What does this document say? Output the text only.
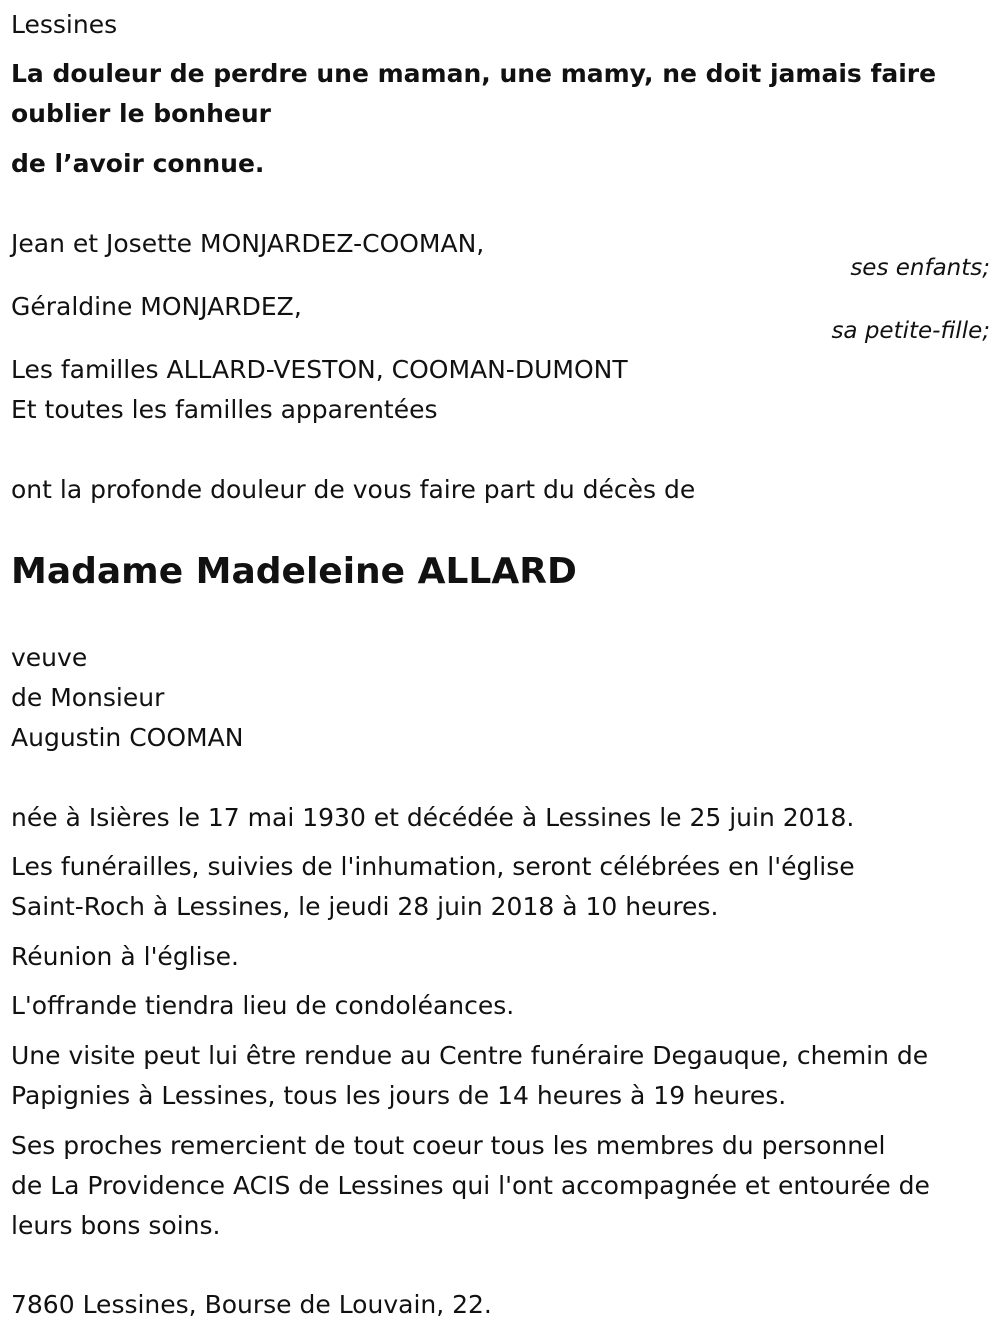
Lessines

La douleur de perdre une maman, une mamy, ne doit jamais faire

oublier le bonheur

de l’avoir connue.

Jean et Josette MONJARDEZ-COOMAN,

ses enfants;

Géraldine MONJARDEZ,

sa petite-fille;

Les familles ALLARD-VESTON, COOMAN-DUMONT

Et toutes les familles apparentées

ont la profonde douleur de vous faire part du décès de

Madame Madeleine ALLARD

veuve

de Monsieur

Augustin COOMAN

née à Isières le 17 mai 1930 et décédée à Lessines le 25 juin 2018.

Les funérailles, suivies de l'inhumation, seront célébrées en l'église

Saint-Roch à Lessines, le jeudi 28 juin 2018 à 10 heures.

Réunion à l'église.

L'offrande tiendra lieu de condoléances.

Une visite peut lui être rendue au Centre funéraire Degauque, chemin de

Papignies à Lessines, tous les jours de 14 heures à 19 heures.

Ses proches remercient de tout coeur tous les membres du personnel

de La Providence ACIS de Lessines qui l'ont accompagnée et entourée de

leurs bons soins.

7860 Lessines, Bourse de Louvain, 22.
